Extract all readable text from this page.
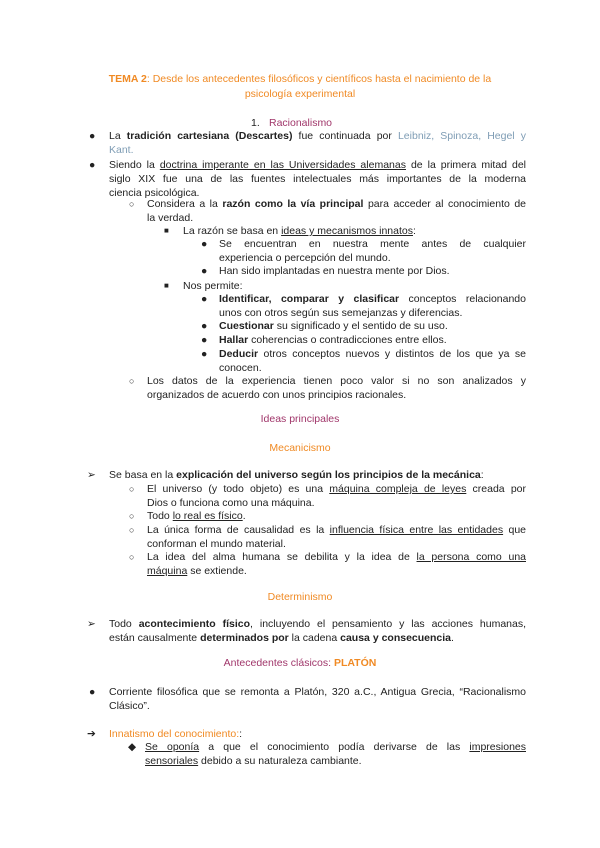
TEMA 2: Desde los antecedentes filosóficos y científicos hasta el nacimiento de la
psicología experimental
1. Racionalismo
● La tradición cartesiana (Descartes) fue continuada por Leibniz, Spinoza, Hegel y
Kant.
● Siendo la doctrina imperante en las Universidades alemanas de la primera mitad del
siglo XIX fue una de las fuentes intelectuales más importantes de la moderna
ciencia psicológica.
○ Considera a la razón como la vía principal para acceder al conocimiento de
la verdad.
■ La razón se basa en ideas y mecanismos innatos:
● Se encuentran en nuestra mente antes de cualquier
experiencia o percepción del mundo.
● Han sido implantadas en nuestra mente por Dios.
■ Nos permite:
● Identificar, comparar y clasificar conceptos relacionando
unos con otros según sus semejanzas y diferencias.
● Cuestionar su significado y el sentido de su uso.
● Hallar coherencias o contradicciones entre ellos.
● Deducir otros conceptos nuevos y distintos de los que ya se
conocen.
○ Los datos de la experiencia tienen poco valor si no son analizados y
organizados de acuerdo con unos principios racionales.
Ideas principales
Mecanicismo
➢ Se basa en la explicación del universo según los principios de la mecánica:
○ El universo (y todo objeto) es una máquina compleja de leyes creada por
Dios o funciona como una máquina.
○ Todo lo real es físico.
○ La única forma de causalidad es la influencia física entre las entidades que
conforman el mundo material.
○ La idea del alma humana se debilita y la idea de la persona como una
máquina se extiende.
Determinismo
➢ Todo acontecimiento físico, incluyendo el pensamiento y las acciones humanas,
están causalmente determinados por la cadena causa y consecuencia.
Antecedentes clásicos: PLATÓN
● Corriente filosófica que se remonta a Platón, 320 a.C., Antigua Grecia, “Racionalismo
Clásico”.
➔ Innatismo del conocimiento::
◆ Se oponía a que el conocimiento podía derivarse de las impresiones
sensoriales debido a su naturaleza cambiante.
